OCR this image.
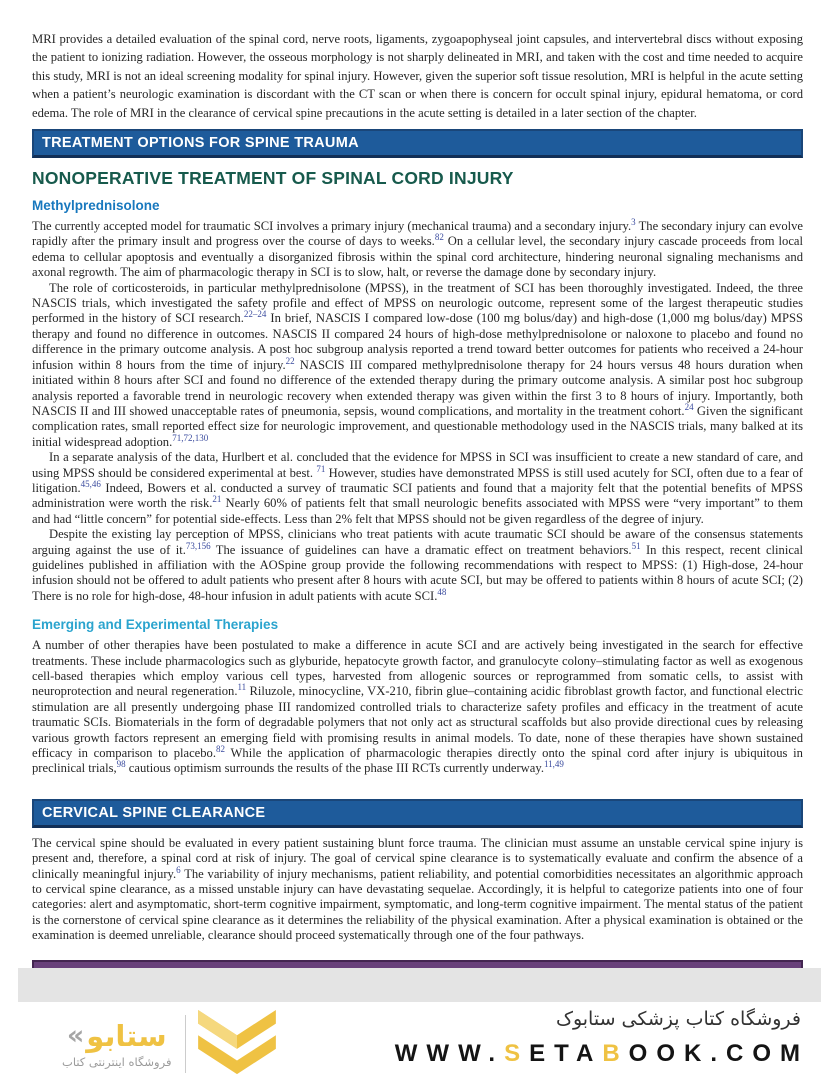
MRI provides a detailed evaluation of the spinal cord, nerve roots, ligaments, zygoapophyseal joint capsules, and intervertebral discs without exposing the patient to ionizing radiation. However, the osseous morphology is not sharply delineated in MRI, and taken with the cost and time needed to acquire this study, MRI is not an ideal screening modality for spinal injury. However, given the superior soft tissue resolution, MRI is helpful in the acute setting when a patient’s neurologic examination is discordant with the CT scan or when there is concern for occult spinal injury, epidural hematoma, or cord edema. The role of MRI in the clearance of cervical spine precautions in the acute setting is detailed in a later section of the chapter.

TREATMENT OPTIONS FOR SPINE TRAUMA
NONOPERATIVE TREATMENT OF SPINAL CORD INJURY
Methylprednisolone

The currently accepted model for traumatic SCI involves a primary injury (mechanical trauma) and a secondary injury.$^3$ The secondary injury can evolve rapidly after the primary insult and progress over the course of days to weeks.$^{82}$ On a cellular level, the secondary injury cascade proceeds from local edema to cellular apoptosis and eventually a disorganized fibrosis within the spinal cord architecture, hindering neuronal signaling mechanisms and axonal regrowth. The aim of pharmacologic therapy in SCI is to slow, halt, or reverse the damage done by secondary injury.

The role of corticosteroids, in particular methylprednisolone (MPSS), in the treatment of SCI has been thoroughly investigated. Indeed, the three NASCIS trials, which investigated the safety profile and effect of MPSS on neurologic outcome, represent some of the largest therapeutic studies performed in the history of SCI research.$^{22-24}$ In brief, NASCIS I compared low-dose (100 mg bolus/day) and high-dose (1,000 mg bolus/day) MPSS therapy and found no difference in outcomes. NASCIS II compared 24 hours of high-dose methylprednisolone or naloxone to placebo and found no difference in the primary outcome analysis. A post hoc subgroup analysis reported a trend toward better outcomes for patients who received a 24-hour infusion within 8 hours from the time of injury.$^{22}$ NASCIS III compared methylprednisolone therapy for 24 hours versus 48 hours duration when initiated within 8 hours after SCI and found no difference of the extended therapy during the primary outcome analysis. A similar post hoc subgroup analysis reported a favorable trend in neurologic recovery when extended therapy was given within the first 3 to 8 hours of injury. Importantly, both NASCIS II and III showed unacceptable rates of pneumonia, sepsis, wound complications, and mortality in the treatment cohort.$^{24}$ Given the significant complication rates, small reported effect size for neurologic improvement, and questionable methodology used in the NASCIS trials, many balked at its initial widespread adoption.$^{71,72,130}$

In a separate analysis of the data, Hurlbert et al. concluded that the evidence for MPSS in SCI was insufficient to create a new standard of care, and using MPSS should be considered experimental at best. $^{71}$ However, studies have demonstrated MPSS is still used acutely for SCI, often due to a fear of litigation.$^{45,46}$ Indeed, Bowers et al. conducted a survey of traumatic SCI patients and found that a majority felt that the potential benefits of MPSS administration were worth the risk.$^{21}$ Nearly 60% of patients felt that small neurologic benefits associated with MPSS were “very important” to them and had “little concern” for potential side-effects. Less than 2% felt that MPSS should not be given regardless of the degree of injury.

Despite the existing lay perception of MPSS, clinicians who treat patients with acute traumatic SCI should be aware of the consensus statements arguing against the use of it.$^{73,156}$ The issuance of guidelines can have a dramatic effect on treatment behaviors.$^{51}$ In this respect, recent clinical guidelines published in affiliation with the AOSpine group provide the following recommendations with respect to MPSS: (1) High-dose, 24-hour infusion should not be offered to adult patients who present after 8 hours with acute SCI, but may be offered to patients within 8 hours of acute SCI; (2) There is no role for high-dose, 48-hour infusion in adult patients with acute SCI.$^{48}$

Emerging and Experimental Therapies

A number of other therapies have been postulated to make a difference in acute SCI and are actively being investigated in the search for effective treatments. These include pharmacologics such as glyburide, hepatocyte growth factor, and granulocyte colony–stimulating factor as well as exogenous cell-based therapies which employ various cell types, harvested from allogenic sources or reprogrammed from somatic cells, to assist with neuroprotection and neural regeneration.$^{11}$ Riluzole, minocycline, VX-210, fibrin glue–containing acidic fibroblast growth factor, and functional electric stimulation are all presently undergoing phase III randomized controlled trials to characterize safety profiles and efficacy in the treatment of acute traumatic SCIs. Biomaterials in the form of degradable polymers that not only act as structural scaffolds but also provide directional cues by releasing various growth factors represent an emerging field with promising results in animal models. To date, none of these therapies have shown sustained efficacy in comparison to placebo.$^{82}$ While the application of pharmacologic therapies directly onto the spinal cord after injury is ubiquitous in preclinical trials,$^{98}$ cautious optimism surrounds the results of the phase III RCTs currently underway.$^{11,49}$

CERVICAL SPINE CLEARANCE

The cervical spine should be evaluated in every patient sustaining blunt force trauma. The clinician must assume an unstable cervical spine injury is present and, therefore, a spinal cord at risk of injury. The goal of cervical spine clearance is to systematically evaluate and confirm the absence of a clinically meaningful injury.$^6$ The variability of injury mechanisms, patient reliability, and potential comorbidities necessitates an algorithmic approach to cervical spine clearance, as a missed unstable injury can have devastating sequelae. Accordingly, it is helpful to categorize patients into one of four categories: alert and asymptomatic, short-term cognitive impairment, symptomatic, and long-term cognitive impairment. The mental status of the patient is the cornerstone of cervical spine clearance as it determines the reliability of the physical examination. After a physical examination is obtained or the examination is deemed unreliable, clearance should proceed systematically through one of the four pathways.

« ستابو
فروشگاه اینترنتی کتاب
فروشگاه کتاب پزشکی ستابوک
WWW.SETABOOK.COM
